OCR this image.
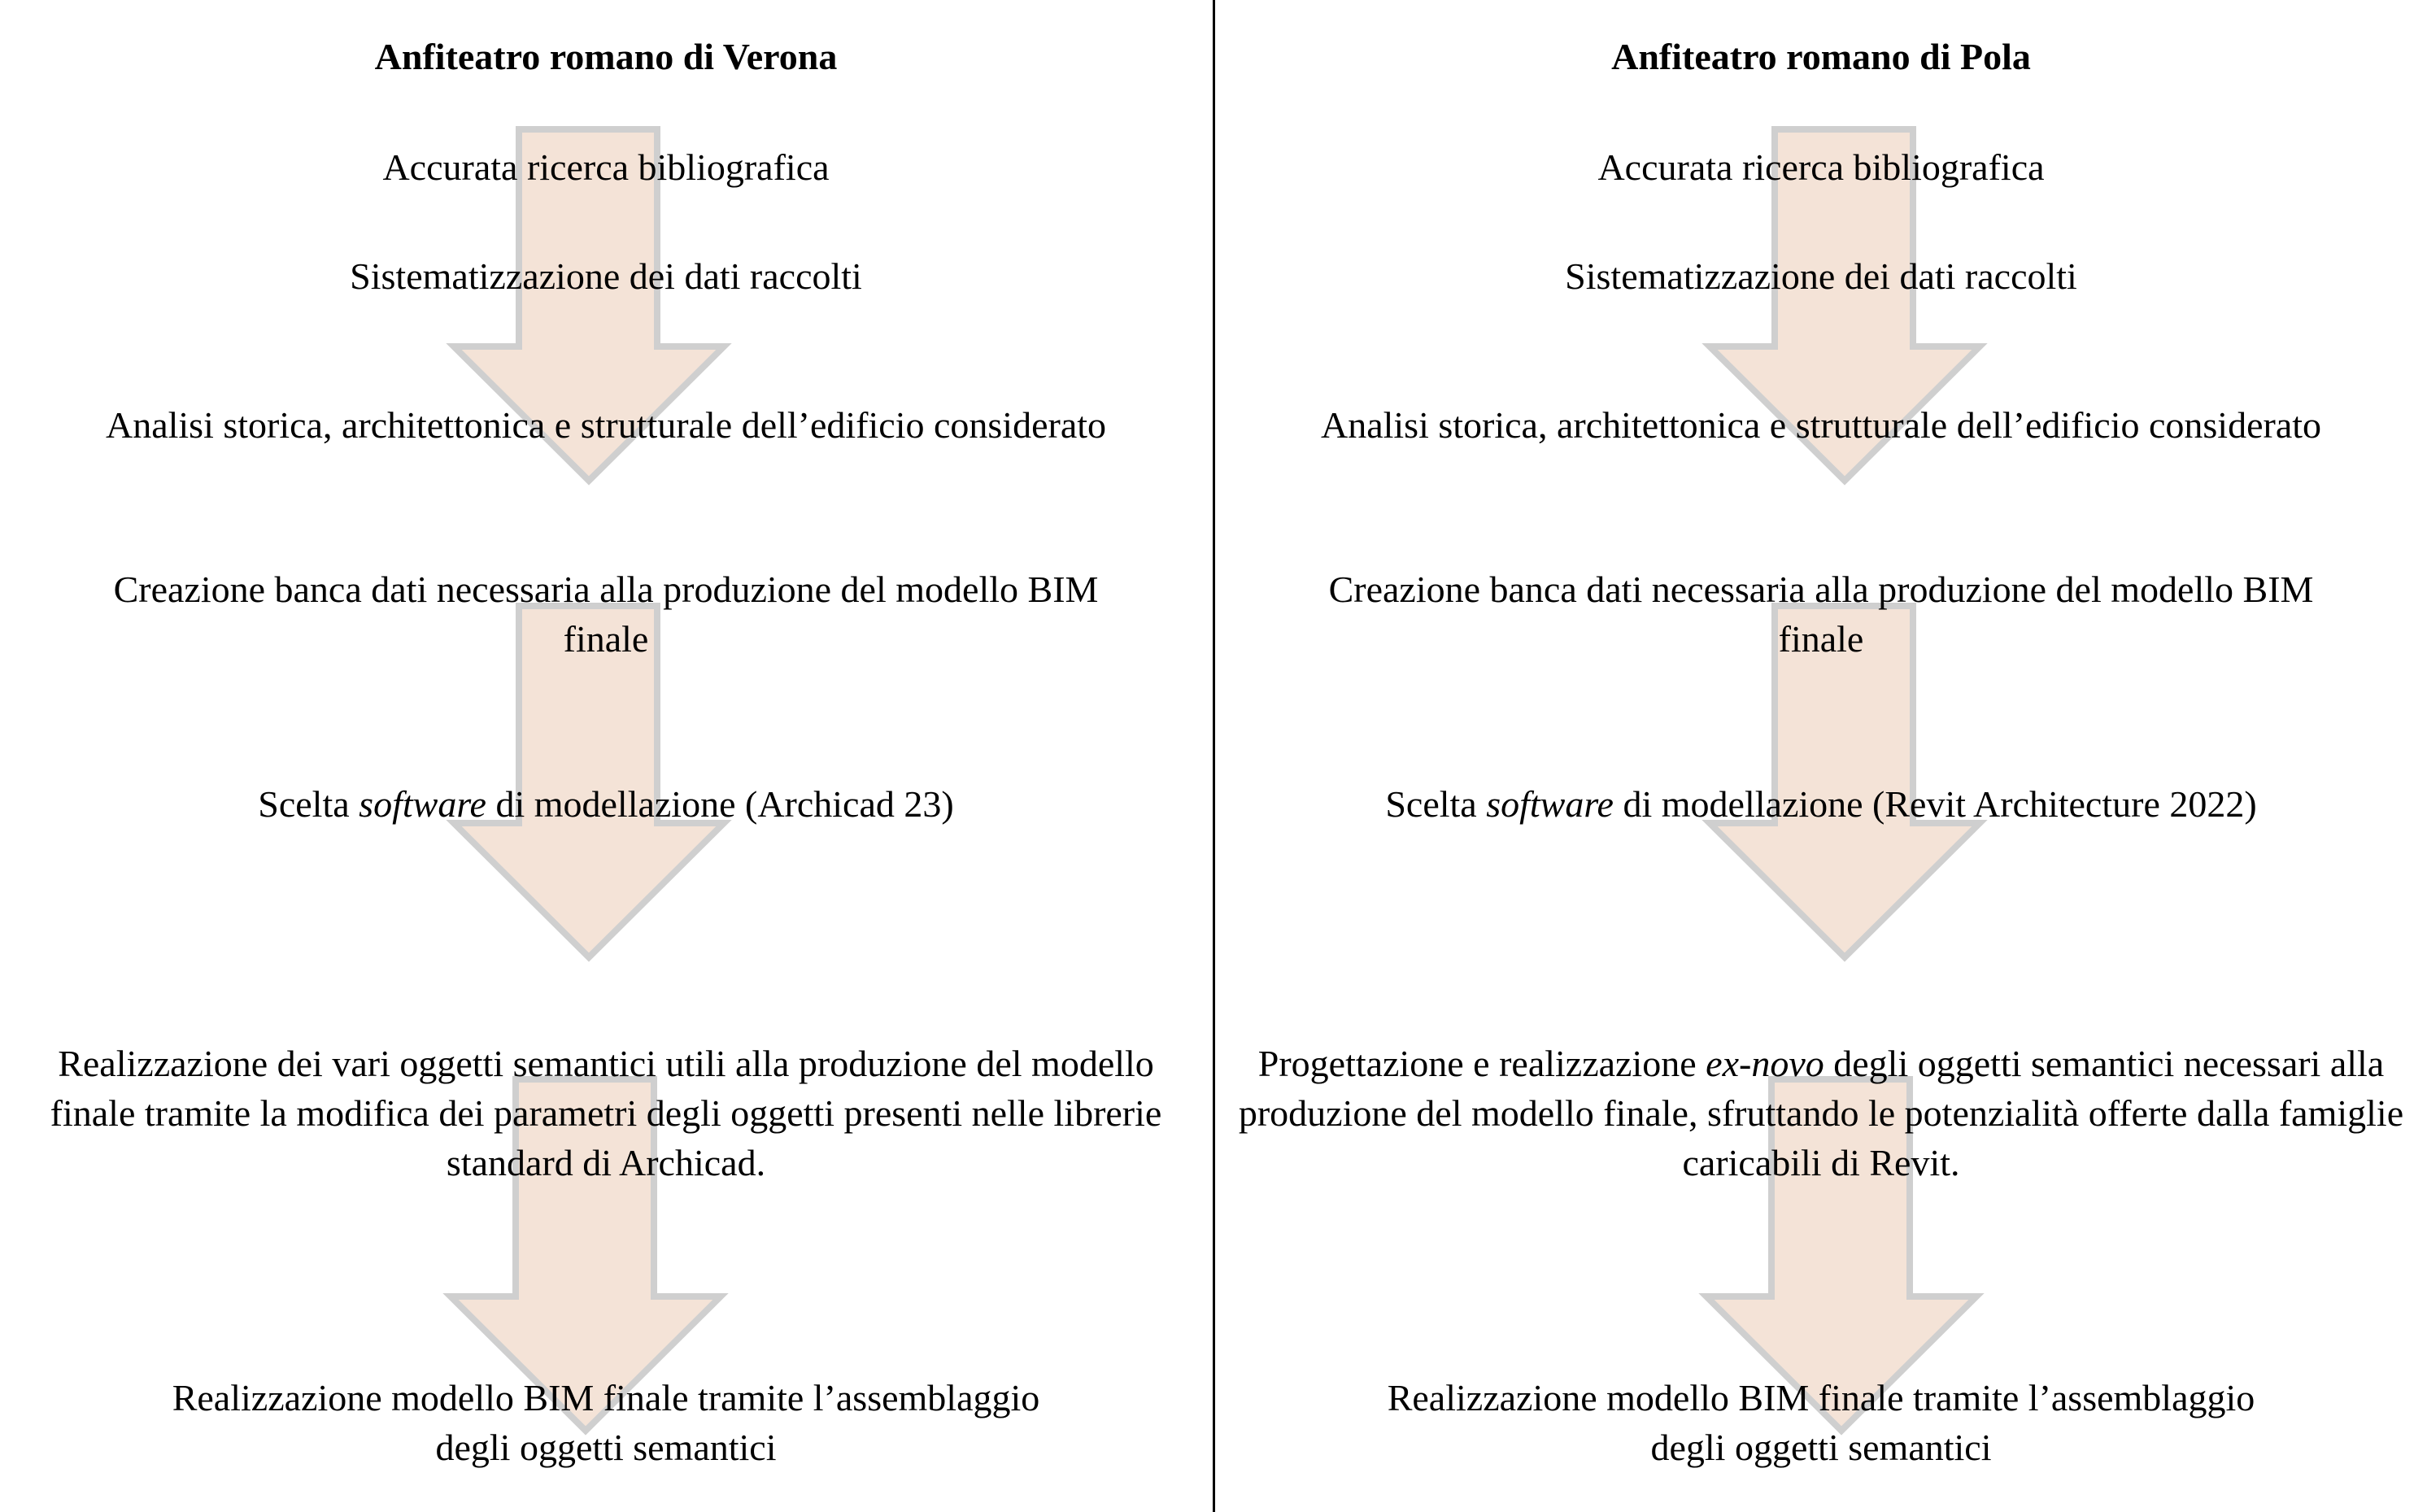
Anfiteatro romano di Verona
Accurata ricerca bibliografica
Sistematizzazione dei dati raccolti
Analisi storica, architettonica e strutturale dell’edificio considerato
Creazione banca dati necessaria alla produzione del modello BIM finale
Scelta software di modellazione (Archicad 23)
Realizzazione dei vari oggetti semantici utili alla produzione del modello finale tramite la modifica dei parametri degli oggetti presenti nelle librerie standard di Archicad.
Realizzazione modello BIM finale tramite l’assemblaggio degli oggetti semantici
Anfiteatro romano di Pola
Accurata ricerca bibliografica
Sistematizzazione dei dati raccolti
Analisi storica, architettonica e strutturale dell’edificio considerato
Creazione banca dati necessaria alla produzione del modello BIM finale
Scelta software di modellazione (Revit Architecture 2022)
Progettazione e realizzazione ex-novo degli oggetti semantici necessari alla produzione del modello finale, sfruttando le potenzialità offerte dalla famiglie caricabili di Revit.
Realizzazione modello BIM finale tramite l’assemblaggio degli oggetti semantici
